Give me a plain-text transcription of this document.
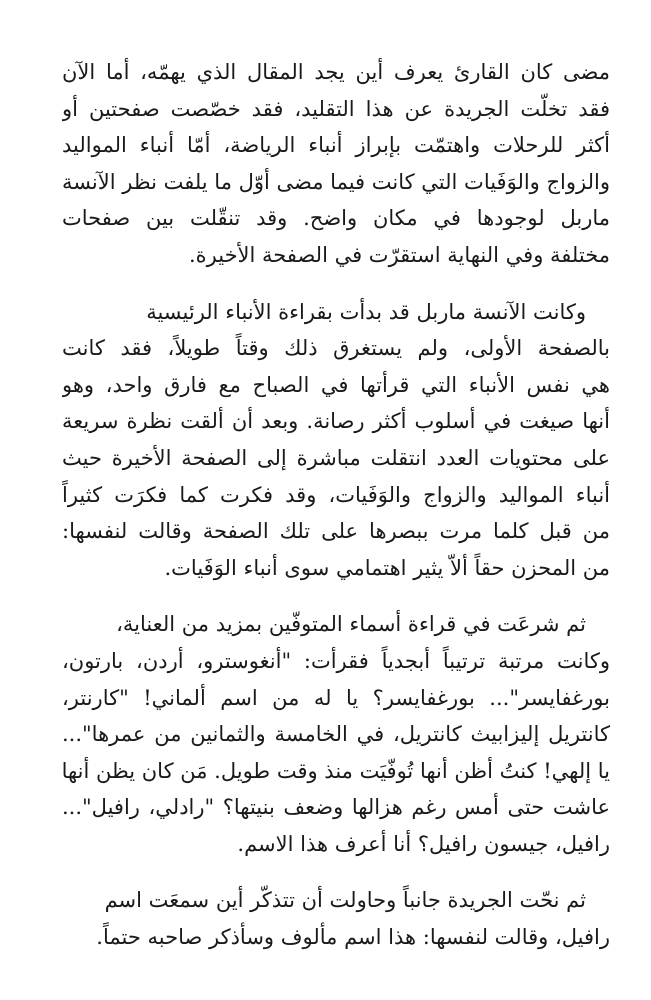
مضى كان القارئ يعرف أين يجد المقال الذي يهمّه، أما الآن
فقد تخلّت الجريدة عن هذا التقليد، فقد خصّصت صفحتين أو
أكثر للرحلات واهتمّت بإبراز أنباء الرياضة، أمّا أنباء المواليد
والزواج والوَفَيات التي كانت فيما مضى أوّل ما يلفت نظر الآنسة
ماربل لوجودها في مكان واضح. وقد تنقّلت بين صفحات
مختلفة وفي النهاية استقرّت في الصفحة الأخيرة.
وكانت الآنسة ماربل قد بدأت بقراءة الأنباء الرئيسية
بالصفحة الأولى، ولم يستغرق ذلك وقتاً طويلاً، فقد كانت
هي نفس الأنباء التي قرأتها في الصباح مع فارق واحد، وهو
أنها صيغت في أسلوب أكثر رصانة. وبعد أن ألقت نظرة سريعة
على محتويات العدد انتقلت مباشرة إلى الصفحة الأخيرة حيث
أنباء المواليد والزواج والوَفَيات، وقد فكرت كما فكرَت كثيراً
من قبل كلما مرت ببصرها على تلك الصفحة وقالت لنفسها:
من المحزن حقاً ألاّ يثير اهتمامي سوى أنباء الوَفَيات.
ثم شرعَت في قراءة أسماء المتوفّين بمزيد من العناية،
وكانت مرتبة ترتيباً أبجدياً فقرأت: "أنغوسترو، أردن، بارتون،
بورغفايسر"... بورغفايسر؟ يا له من اسم ألماني! "كارنتر،
كانتريل إليزابيث كانتريل، في الخامسة والثمانين من عمرها"...
يا إلهي! كنتُ أظن أنها تُوفّيَت منذ وقت طويل. مَن كان يظن أنها
عاشت حتى أمس رغم هزالها وضعف بنيتها؟ "رادلي، رافيل"...
رافيل، جيسون رافيل؟ أنا أعرف هذا الاسم.
ثم نحّت الجريدة جانباً وحاولت أن تتذكّر أين سمعَت اسم
رافيل، وقالت لنفسها: هذا اسم مألوف وسأذكر صاحبه حتماً.
